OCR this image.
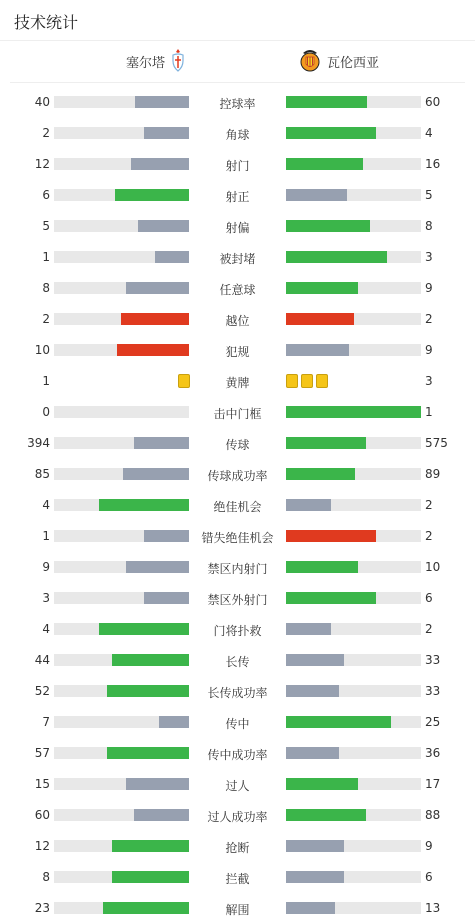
技术统计
塞尔塔	瓦伦西亚
40	控球率	60
2	角球	4
12	射门	16
6	射正	5
5	射偏	8
1	被封堵	3
8	任意球	9
2	越位	2
10	犯规	9
1	黄牌	3
0	击中门框	1
394	传球	575
85	传球成功率	89
4	绝佳机会	2
1	错失绝佳机会	2
9	禁区内射门	10
3	禁区外射门	6
4	门将扑救	2
44	长传	33
52	长传成功率	33
7	传中	25
57	传中成功率	36
15	过人	17
60	过人成功率	88
12	抢断	9
8	拦截	6
23	解围	13
